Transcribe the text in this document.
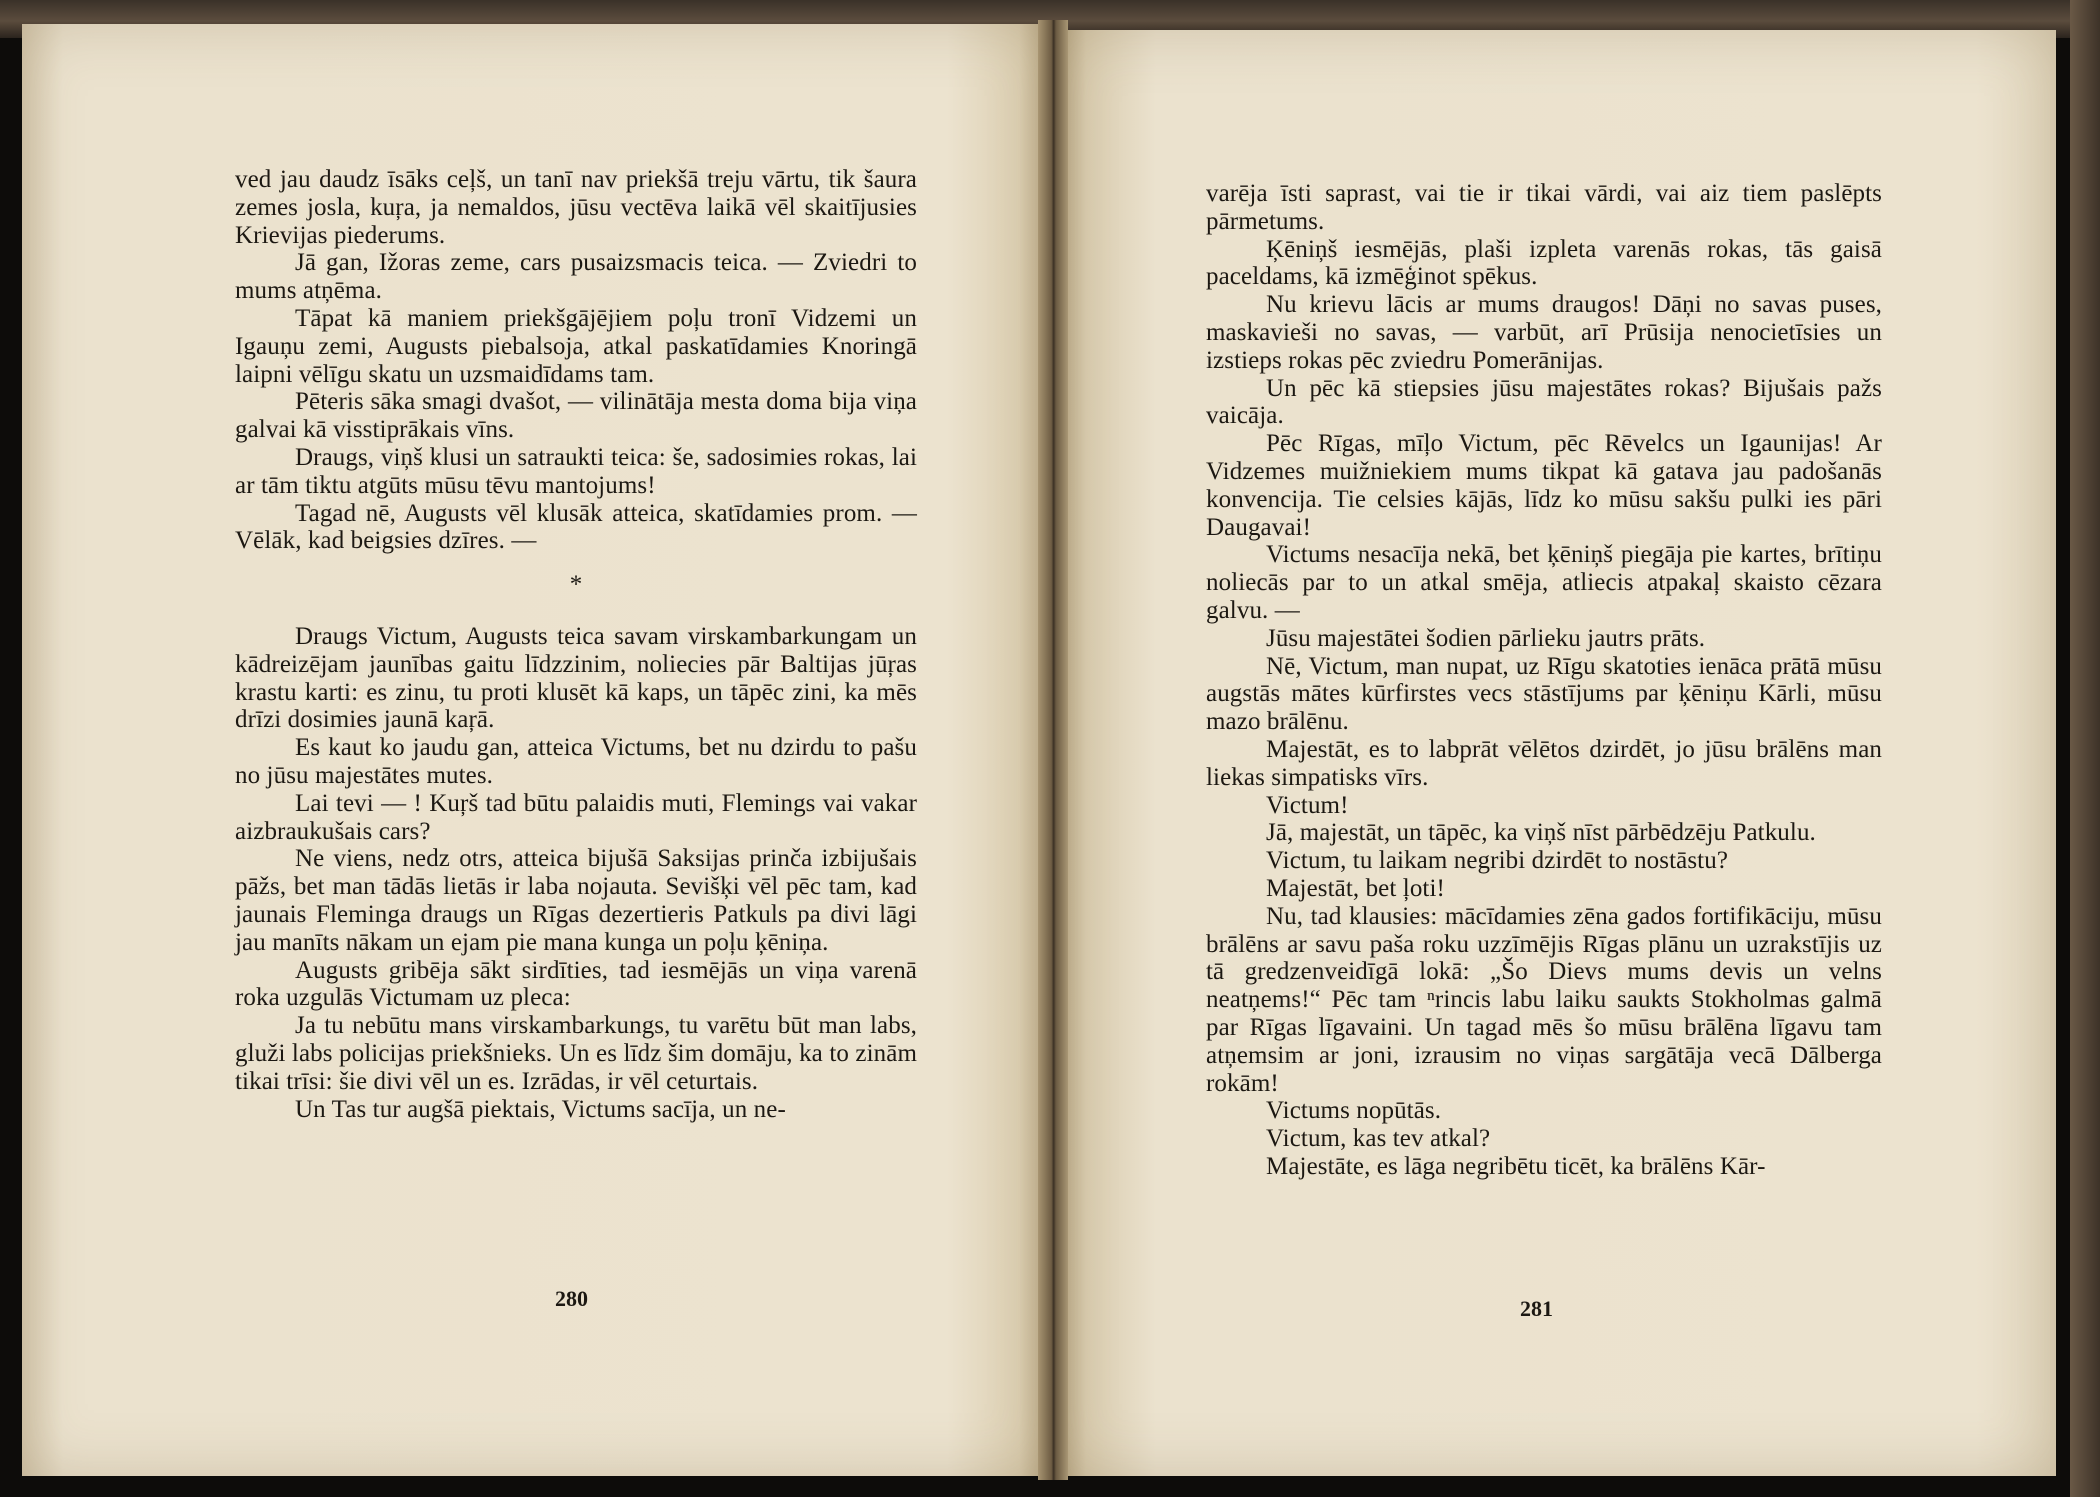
ved jau daudz īsāks ceļš, un tanī nav priekšā treju vārtu, tik šaura zemes josla, kuŗa, ja nemaldos, jūsu vectēva laikā vēl skaitījusies Krievijas piederums.

Jā gan, Ižoras zeme, cars pusaizsmacis teica. — Zviedri to mums atņēma.

Tāpat kā maniem priekšgājējiem poļu tronī Vidzemi un Igauņu zemi, Augusts piebalsoja, atkal paskatīdamies Knoringā laipni vēlīgu skatu un uzsmaidīdams tam.

Pēteris sāka smagi dvašot, — vilinātāja mesta doma bija viņa galvai kā visstiprākais vīns.

Draugs, viņš klusi un satraukti teica: še, sadosimies rokas, lai ar tām tiktu atgūts mūsu tēvu mantojums!

Tagad nē, Augusts vēl klusāk atteica, skatīdamies prom. — Vēlāk, kad beigsies dzīres. —

*

Draugs Victum, Augusts teica savam virskambarkungam un kādreizējam jaunības gaitu līdzzinim, noliecies pār Baltijas jūŗas krastu karti: es zinu, tu proti klusēt kā kaps, un tāpēc zini, ka mēs drīzi dosimies jaunā kaŗā.

Es kaut ko jaudu gan, atteica Victums, bet nu dzirdu to pašu no jūsu majestātes mutes.

Lai tevi — ! Kuŗš tad būtu palaidis muti, Flemings vai vakar aizbraukušais cars?

Ne viens, nedz otrs, atteica bijušā Saksijas prinča izbijušais pāžs, bet man tādās lietās ir laba nojauta. Sevišķi vēl pēc tam, kad jaunais Fleminga draugs un Rīgas dezertieris Patkuls pa divi lāgi jau manīts nākam un ejam pie mana kunga un poļu ķēniņa.

Augusts gribēja sākt sirdīties, tad iesmējās un viņa varenā roka uzgulās Victumam uz pleca:

Ja tu nebūtu mans virskambarkungs, tu varētu būt man labs, gluži labs policijas priekšnieks. Un es līdz šim domāju, ka to zinām tikai trīsi: šie divi vēl un es. Izrādas, ir vēl ceturtais.

Un Tas tur augšā piektais, Victums sacīja, un ne-

280

varēja īsti saprast, vai tie ir tikai vārdi, vai aiz tiem paslēpts pārmetums.

Ķēniņš iesmējās, plaši izpleta varenās rokas, tās gaisā paceldams, kā izmēģinot spēkus.

Nu krievu lācis ar mums draugos! Dāņi no savas puses, maskavieši no savas, — varbūt, arī Prūsija nenocietīsies un izstieps rokas pēc zviedru Pomerānijas.

Un pēc kā stiepsies jūsu majestātes rokas? Bijušais pažs vaicāja.

Pēc Rīgas, mīļo Victum, pēc Rēvelcs un Igaunijas! Ar Vidzemes muižniekiem mums tikpat kā gatava jau padošanās konvencija. Tie celsies kājās, līdz ko mūsu sakšu pulki ies pāri Daugavai!

Victums nesacīja nekā, bet ķēniņš piegāja pie kartes, brītiņu noliecās par to un atkal smēja, atliecis atpakaļ skaisto cēzara galvu. —

Jūsu majestātei šodien pārlieku jautrs prāts.

Nē, Victum, man nupat, uz Rīgu skatoties ienāca prātā mūsu augstās mātes kūrfirstes vecs stāstījums par ķēniņu Kārli, mūsu mazo brālēnu.

Majestāt, es to labprāt vēlētos dzirdēt, jo jūsu brālēns man liekas simpatisks vīrs.

Victum!

Jā, majestāt, un tāpēc, ka viņš nīst pārbēdzēju Patkulu.

Victum, tu laikam negribi dzirdēt to nostāstu?

Majestāt, bet ļoti!

Nu, tad klausies: mācīdamies zēna gados fortifikāciju, mūsu brālēns ar savu paša roku uzzīmējis Rīgas plānu un uzrakstījis uz tā gredzenveidīgā lokā: „Šo Dievs mums devis un velns neatņems!“ Pēc tam ⁿrincis labu laiku saukts Stokholmas galmā par Rīgas līgavaini. Un tagad mēs šo mūsu brālēna līgavu tam atņemsim ar joni, izrausim no viņas sargātāja vecā Dālberga rokām!

Victums nopūtās.

Victum, kas tev atkal?

Majestāte, es lāga negribētu ticēt, ka brālēns Kār-

281
